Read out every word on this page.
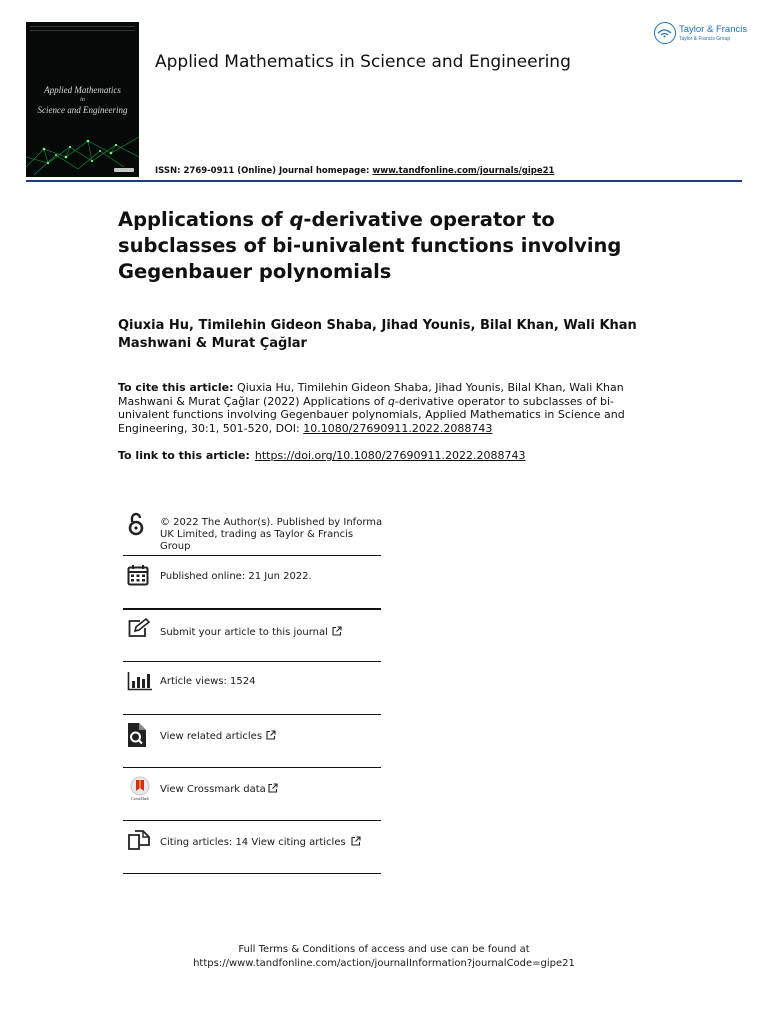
Applied Mathematics
in
Science and Engineering
Applied Mathematics in Science and Engineering
Taylor & Francis
Taylor & Francis Group
ISSN: 2769-0911 (Online) Journal homepage: www.tandfonline.com/journals/gipe21
Applications of q-derivative operator to subclasses of bi-univalent functions involving Gegenbauer polynomials

Qiuxia Hu, Timilehin Gideon Shaba, Jihad Younis, Bilal Khan, Wali Khan Mashwani & Murat Çağlar

To cite this article: Qiuxia Hu, Timilehin Gideon Shaba, Jihad Younis, Bilal Khan, Wali Khan Mashwani & Murat Çağlar (2022) Applications of q-derivative operator to subclasses of bi-univalent functions involving Gegenbauer polynomials, Applied Mathematics in Science and Engineering, 30:1, 501-520, DOI: 10.1080/27690911.2022.2088743

To link to this article: https://doi.org/10.1080/27690911.2022.2088743
© 2022 The Author(s). Published by Informa UK Limited, trading as Taylor & Francis Group
Published online: 21 Jun 2022.
Submit your article to this journal
Article views: 1524
View related articles
CrossMark
View Crossmark data
Citing articles: 14 View citing articles
Full Terms & Conditions of access and use can be found at
https://www.tandfonline.com/action/journalInformation?journalCode=gipe21
